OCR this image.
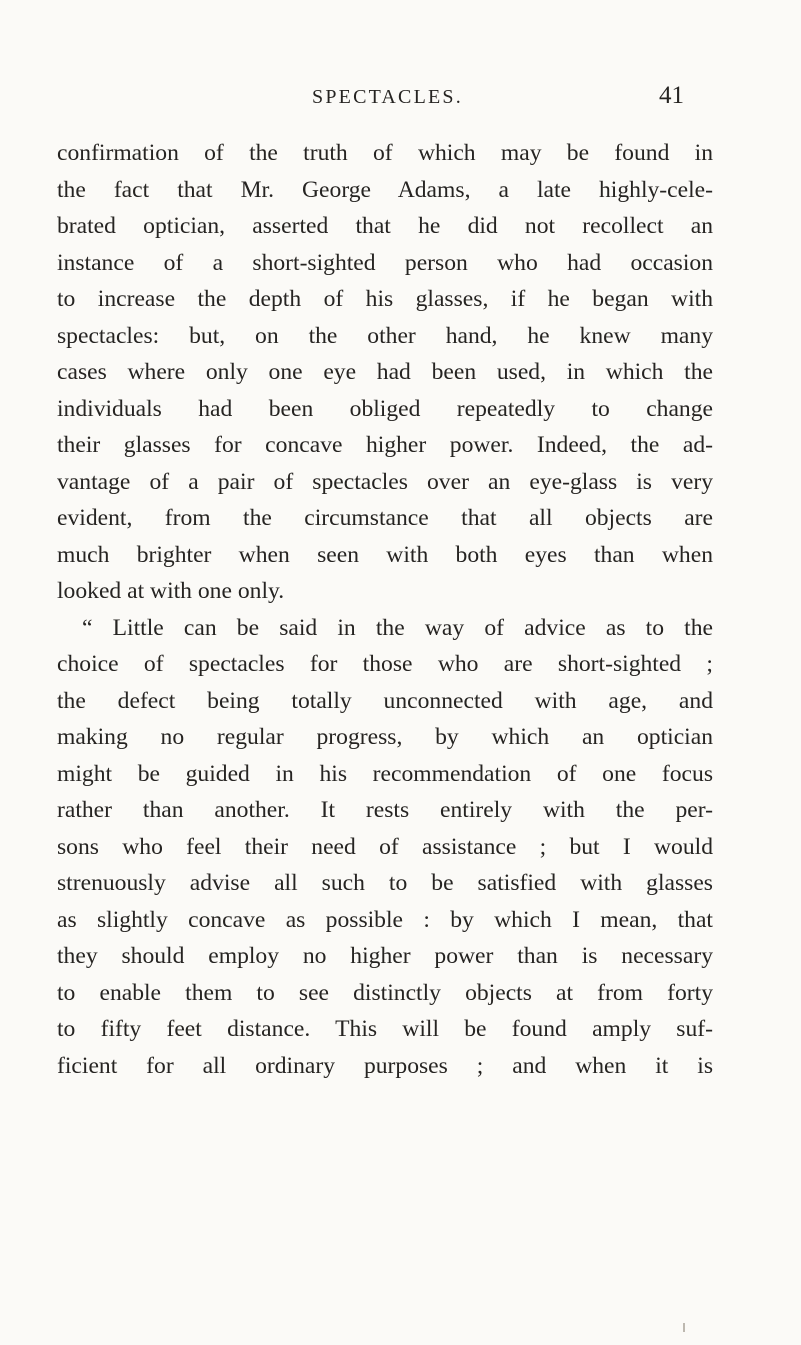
SPECTACLES.	41
confirmation of the truth of which may be found in
the fact that Mr. George Adams, a late highly-cele-
brated optician, asserted that he did not recollect an
instance of a short-sighted person who had occasion
to increase the depth of his glasses, if he began with
spectacles: but, on the other hand, he knew many
cases where only one eye had been used, in which the
individuals had been obliged repeatedly to change
their glasses for concave higher power. Indeed, the ad-
vantage of a pair of spectacles over an eye-glass is very
evident, from the circumstance that all objects are
much brighter when seen with both eyes than when
looked at with one only.
“ Little can be said in the way of advice as to the
choice of spectacles for those who are short-sighted ;
the defect being totally unconnected with age, and
making no regular progress, by which an optician
might be guided in his recommendation of one focus
rather than another. It rests entirely with the per-
sons who feel their need of assistance ; but I would
strenuously advise all such to be satisfied with glasses
as slightly concave as possible : by which I mean, that
they should employ no higher power than is necessary
to enable them to see distinctly objects at from forty
to fifty feet distance. This will be found amply suf-
ficient for all ordinary purposes ; and when it is
